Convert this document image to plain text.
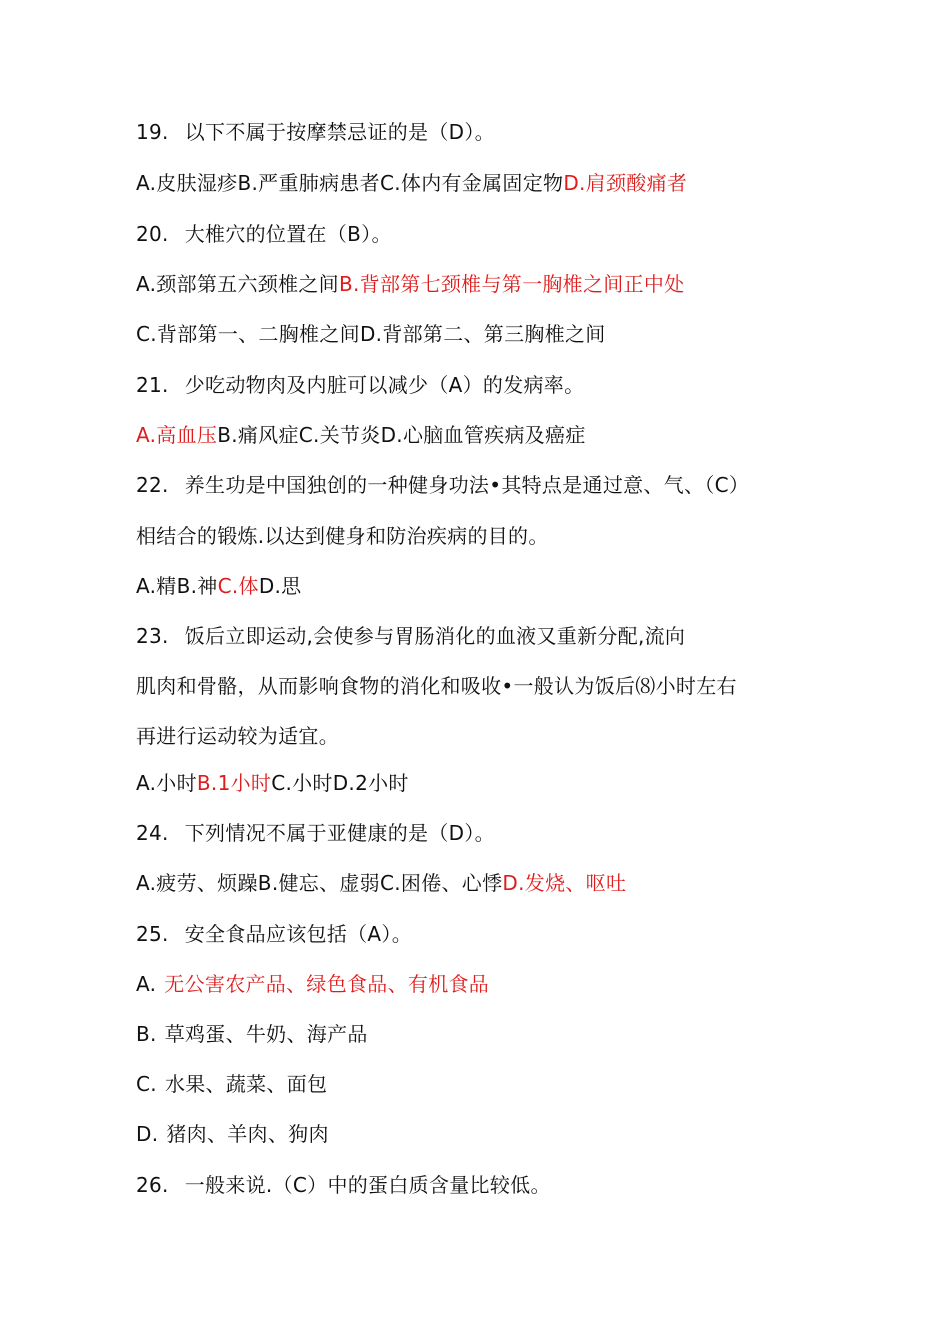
19. 以下不属于按摩禁忌证的是（D）。
A.皮肤湿疹B.严重肺病患者C.体内有金属固定物D.肩颈酸痛者
20. 大椎穴的位置在（B）。
A.颈部第五六颈椎之间B.背部第七颈椎与第一胸椎之间正中处
C.背部第一、二胸椎之间D.背部第二、第三胸椎之间
21. 少吃动物肉及内脏可以减少（A）的发病率。
A.高血压B.痛风症C.关节炎D.心脑血管疾病及癌症
22. 养生功是中国独创的一种健身功法•其特点是通过意、气、（C）
相结合的锻炼.以达到健身和防治疾病的目的。
A.精B.神C.体D.思
23. 饭后立即运动,会使参与胃肠消化的血液又重新分配,流向
肌肉和骨骼，从而影响食物的消化和吸收•一般认为饭后⑻小时左右
再进行运动较为适宜。
A.小时B.1小时C.小时D.2小时
24. 下列情况不属于亚健康的是（D）。
A.疲劳、烦躁B.健忘、虚弱C.困倦、心悸D.发烧、呕吐
25. 安全食品应该包括（A）。
A. 无公害农产品、绿色食品、有机食品
B. 草鸡蛋、牛奶、海产品
C. 水果、蔬菜、面包
D. 猪肉、羊肉、狗肉
26. 一般来说.（C）中的蛋白质含量比较低。
